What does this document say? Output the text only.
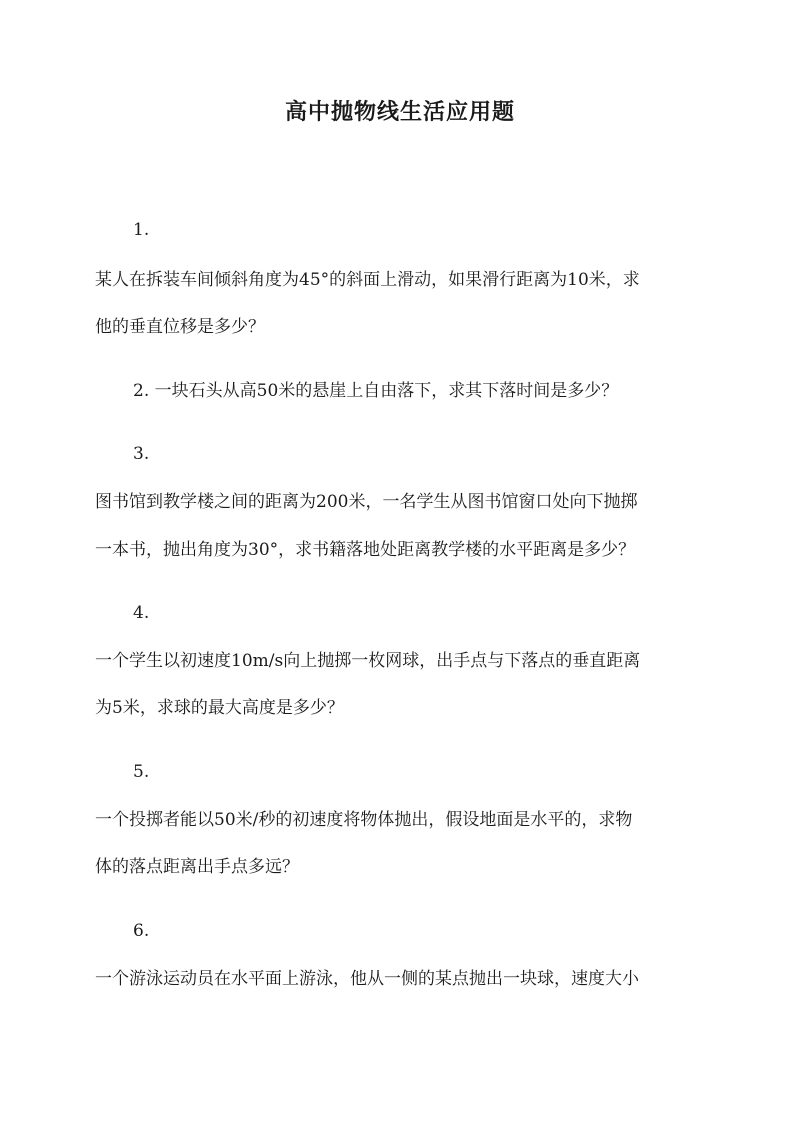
高中抛物线生活应用题
1.
某人在拆装车间倾斜角度为45°的斜面上滑动，如果滑行距离为10米，求
他的垂直位移是多少？
2. 一块石头从高50米的悬崖上自由落下，求其下落时间是多少？
3.
图书馆到教学楼之间的距离为200米，一名学生从图书馆窗口处向下抛掷
一本书，抛出角度为30°，求书籍落地处距离教学楼的水平距离是多少？
4.
一个学生以初速度10m/s向上抛掷一枚网球，出手点与下落点的垂直距离
为5米，求球的最大高度是多少？
5.
一个投掷者能以50米/秒的初速度将物体抛出，假设地面是水平的，求物
体的落点距离出手点多远？
6.
一个游泳运动员在水平面上游泳，他从一侧的某点抛出一块球，速度大小
